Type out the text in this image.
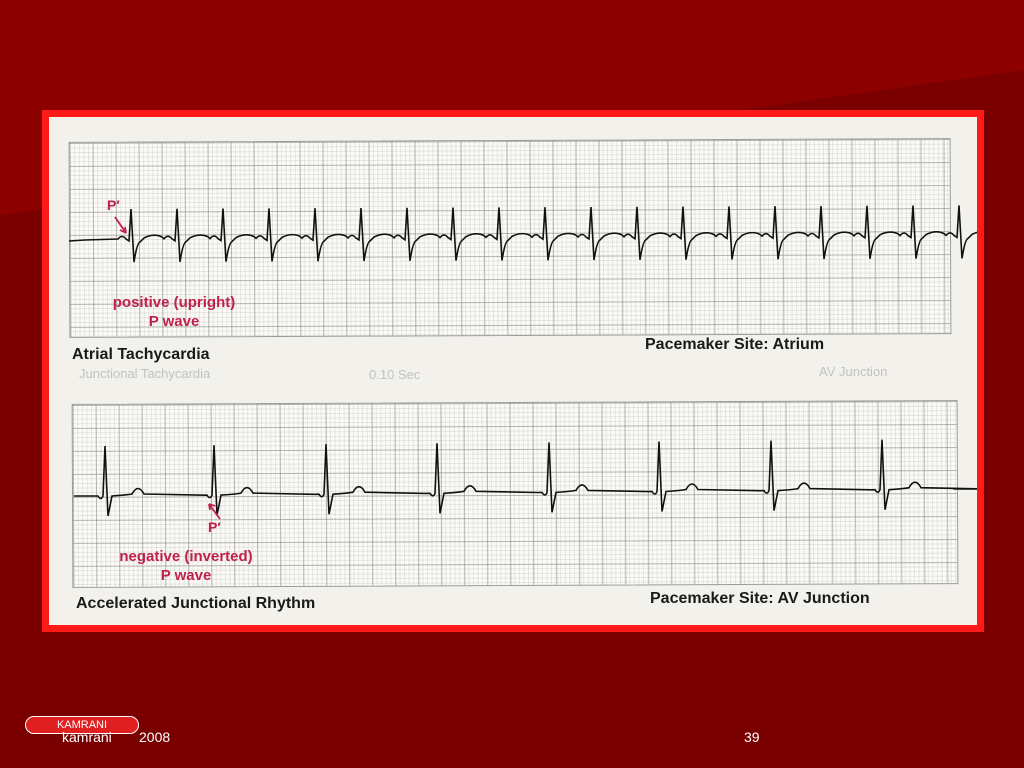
P′
positive (upright)
P wave
Atrial Tachycardia
Pacemaker Site: Atrium
Junctional Tachycardia	0.10 Sec	AV Junction
P′
negative (inverted)
P wave
Accelerated Junctional Rhythm	Pacemaker Site: AV Junction
KAMRANI
kamrani 2008	39
